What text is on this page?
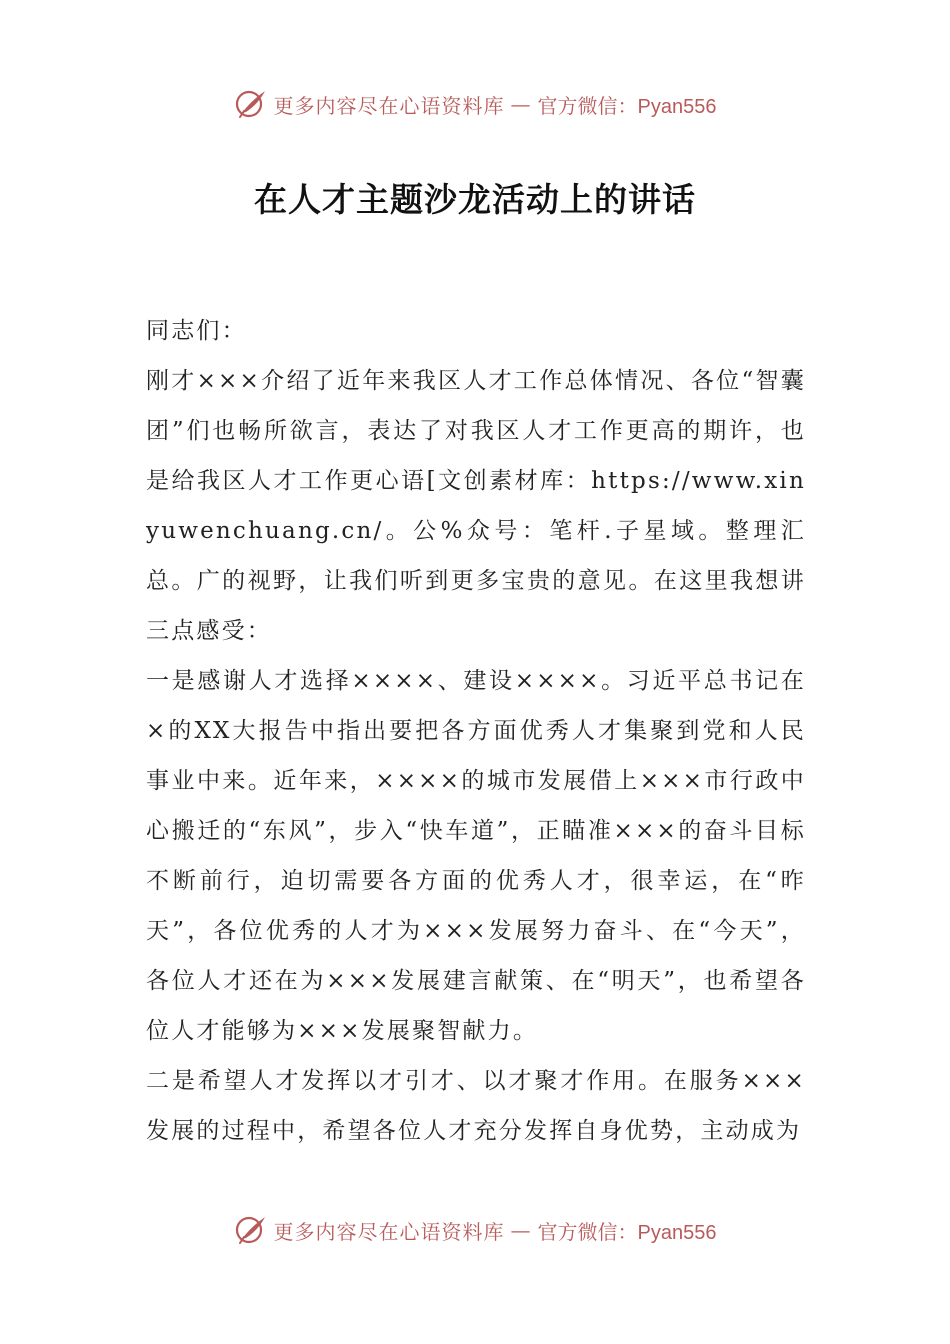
更多内容尽在心语资料库 — 官方微信：Pyan556
在人才主题沙龙活动上的讲话

同志们：

刚才×××介绍了近年来我区人才工作总体情况、各位“智囊团”们也畅所欲言，表达了对我区人才工作更高的期许，也是给我区人才工作更心语[文创素材库：https://www.xinyuwenchuang.cn/。公%众号：笔杆.子星域。整理汇总。广的视野，让我们听到更多宝贵的意见。在这里我想讲三点感受：

一是感谢人才选择××××、建设××××。习近平总书记在×的XX大报告中指出要把各方面优秀人才集聚到党和人民事业中来。近年来，××××的城市发展借上×××市行政中心搬迁的“东风”，步入“快车道”，正瞄准×××的奋斗目标不断前行，迫切需要各方面的优秀人才，很幸运，在“昨天”，各位优秀的人才为×××发展努力奋斗、在“今天”，各位人才还在为×××发展建言献策、在“明天”，也希望各位人才能够为×××发展聚智献力。

二是希望人才发挥以才引才、以才聚才作用。在服务×××发展的过程中，希望各位人才充分发挥自身优势，主动成为

更多内容尽在心语资料库 — 官方微信：Pyan556
